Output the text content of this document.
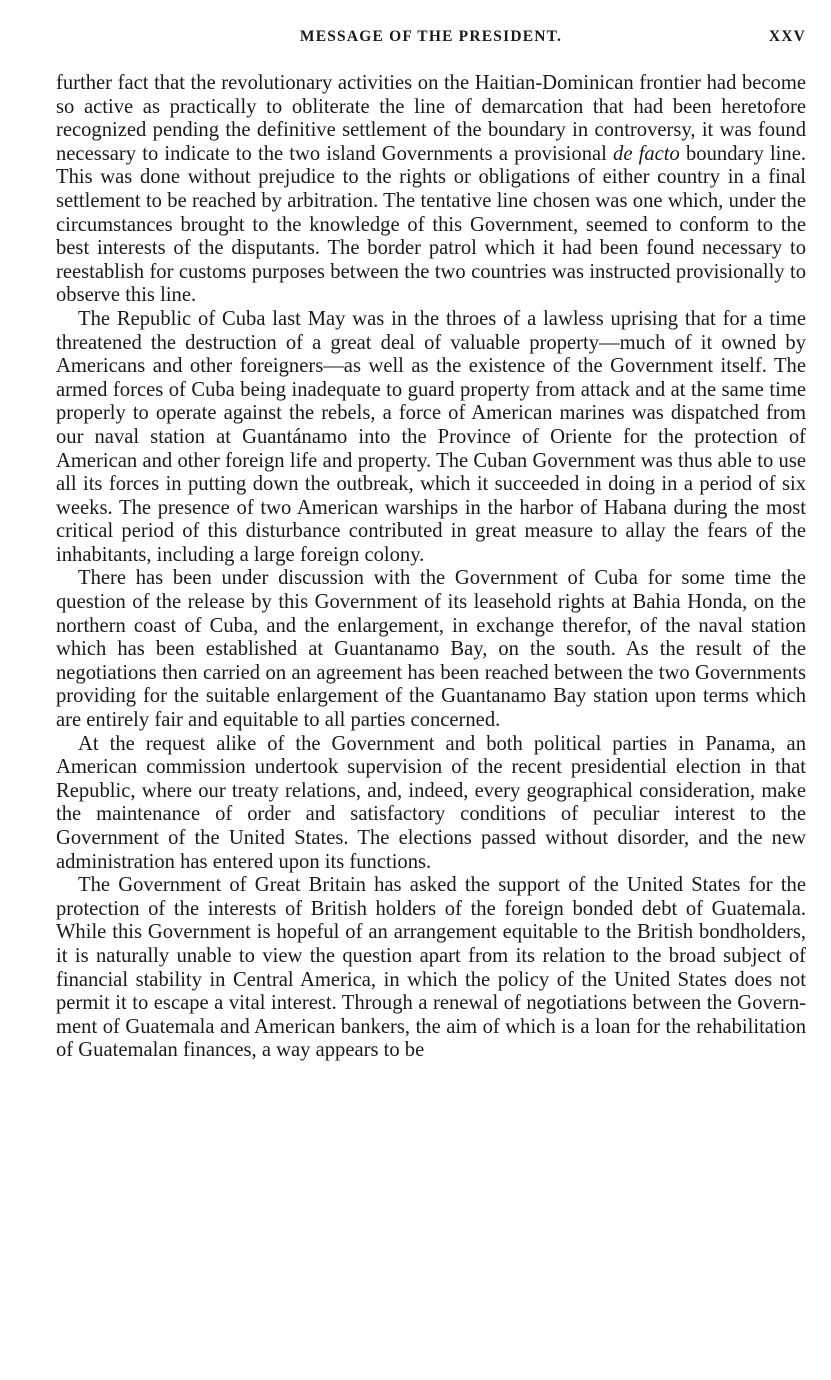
MESSAGE OF THE PRESIDENT.	XXV

further fact that the revolutionary activities on the Haitian-Dominican frontier had become so active as practically to obliterate the line of demarcation that had been heretofore recognized pending the definitive settlement of the boundary in controversy, it was found necessary to indicate to the two island Governments a provisional de facto boundary line. This was done without prejudice to the rights or obligations of either country in a final settlement to be reached by arbitration. The tentative line chosen was one which, under the circumstances brought to the knowledge of this Government, seemed to conform to the best interests of the disputants. The border patrol which it had been found necessary to reestablish for customs purposes between the two countries was instructed provisionally to observe this line.

The Republic of Cuba last May was in the throes of a lawless uprising that for a time threatened the destruction of a great deal of valuable property—much of it owned by Americans and other foreigners—as well as the existence of the Government itself. The armed forces of Cuba being inadequate to guard property from attack and at the same time properly to operate against the rebels, a force of American marines was dispatched from our naval station at Guantánamo into the Province of Oriente for the protection of American and other foreign life and property. The Cuban Government was thus able to use all its forces in putting down the outbreak, which it succeeded in doing in a period of six weeks. The presence of two American warships in the harbor of Habana during the most critical period of this disturbance contributed in great measure to allay the fears of the inhabitants, including a large foreign colony.

There has been under discussion with the Government of Cuba for some time the question of the release by this Government of its leasehold rights at Bahia Honda, on the northern coast of Cuba, and the enlargement, in exchange therefor, of the naval station which has been established at Guantanamo Bay, on the south. As the result of the negotiations then carried on an agreement has been reached between the two Governments providing for the suitable enlargement of the Guantanamo Bay station upon terms which are entirely fair and equitable to all parties concerned.

At the request alike of the Government and both political parties in Panama, an American commission undertook supervision of the recent presidential election in that Republic, where our treaty relations, and, indeed, every geographical consideration, make the maintenance of order and satisfactory conditions of peculiar interest to the Government of the United States. The elections passed without disorder, and the new administration has entered upon its functions.

The Government of Great Britain has asked the support of the United States for the protection of the interests of British holders of the foreign bonded debt of Guatemala. While this Government is hopeful of an arrangement equitable to the British bondholders, it is naturally unable to view the question apart from its relation to the broad subject of financial stability in Central America, in which the policy of the United States does not permit it to escape a vital interest. Through a renewal of negotiations between the Government of Guatemala and American bankers, the aim of which is a loan for the rehabilitation of Guatemalan finances, a way appears to be
